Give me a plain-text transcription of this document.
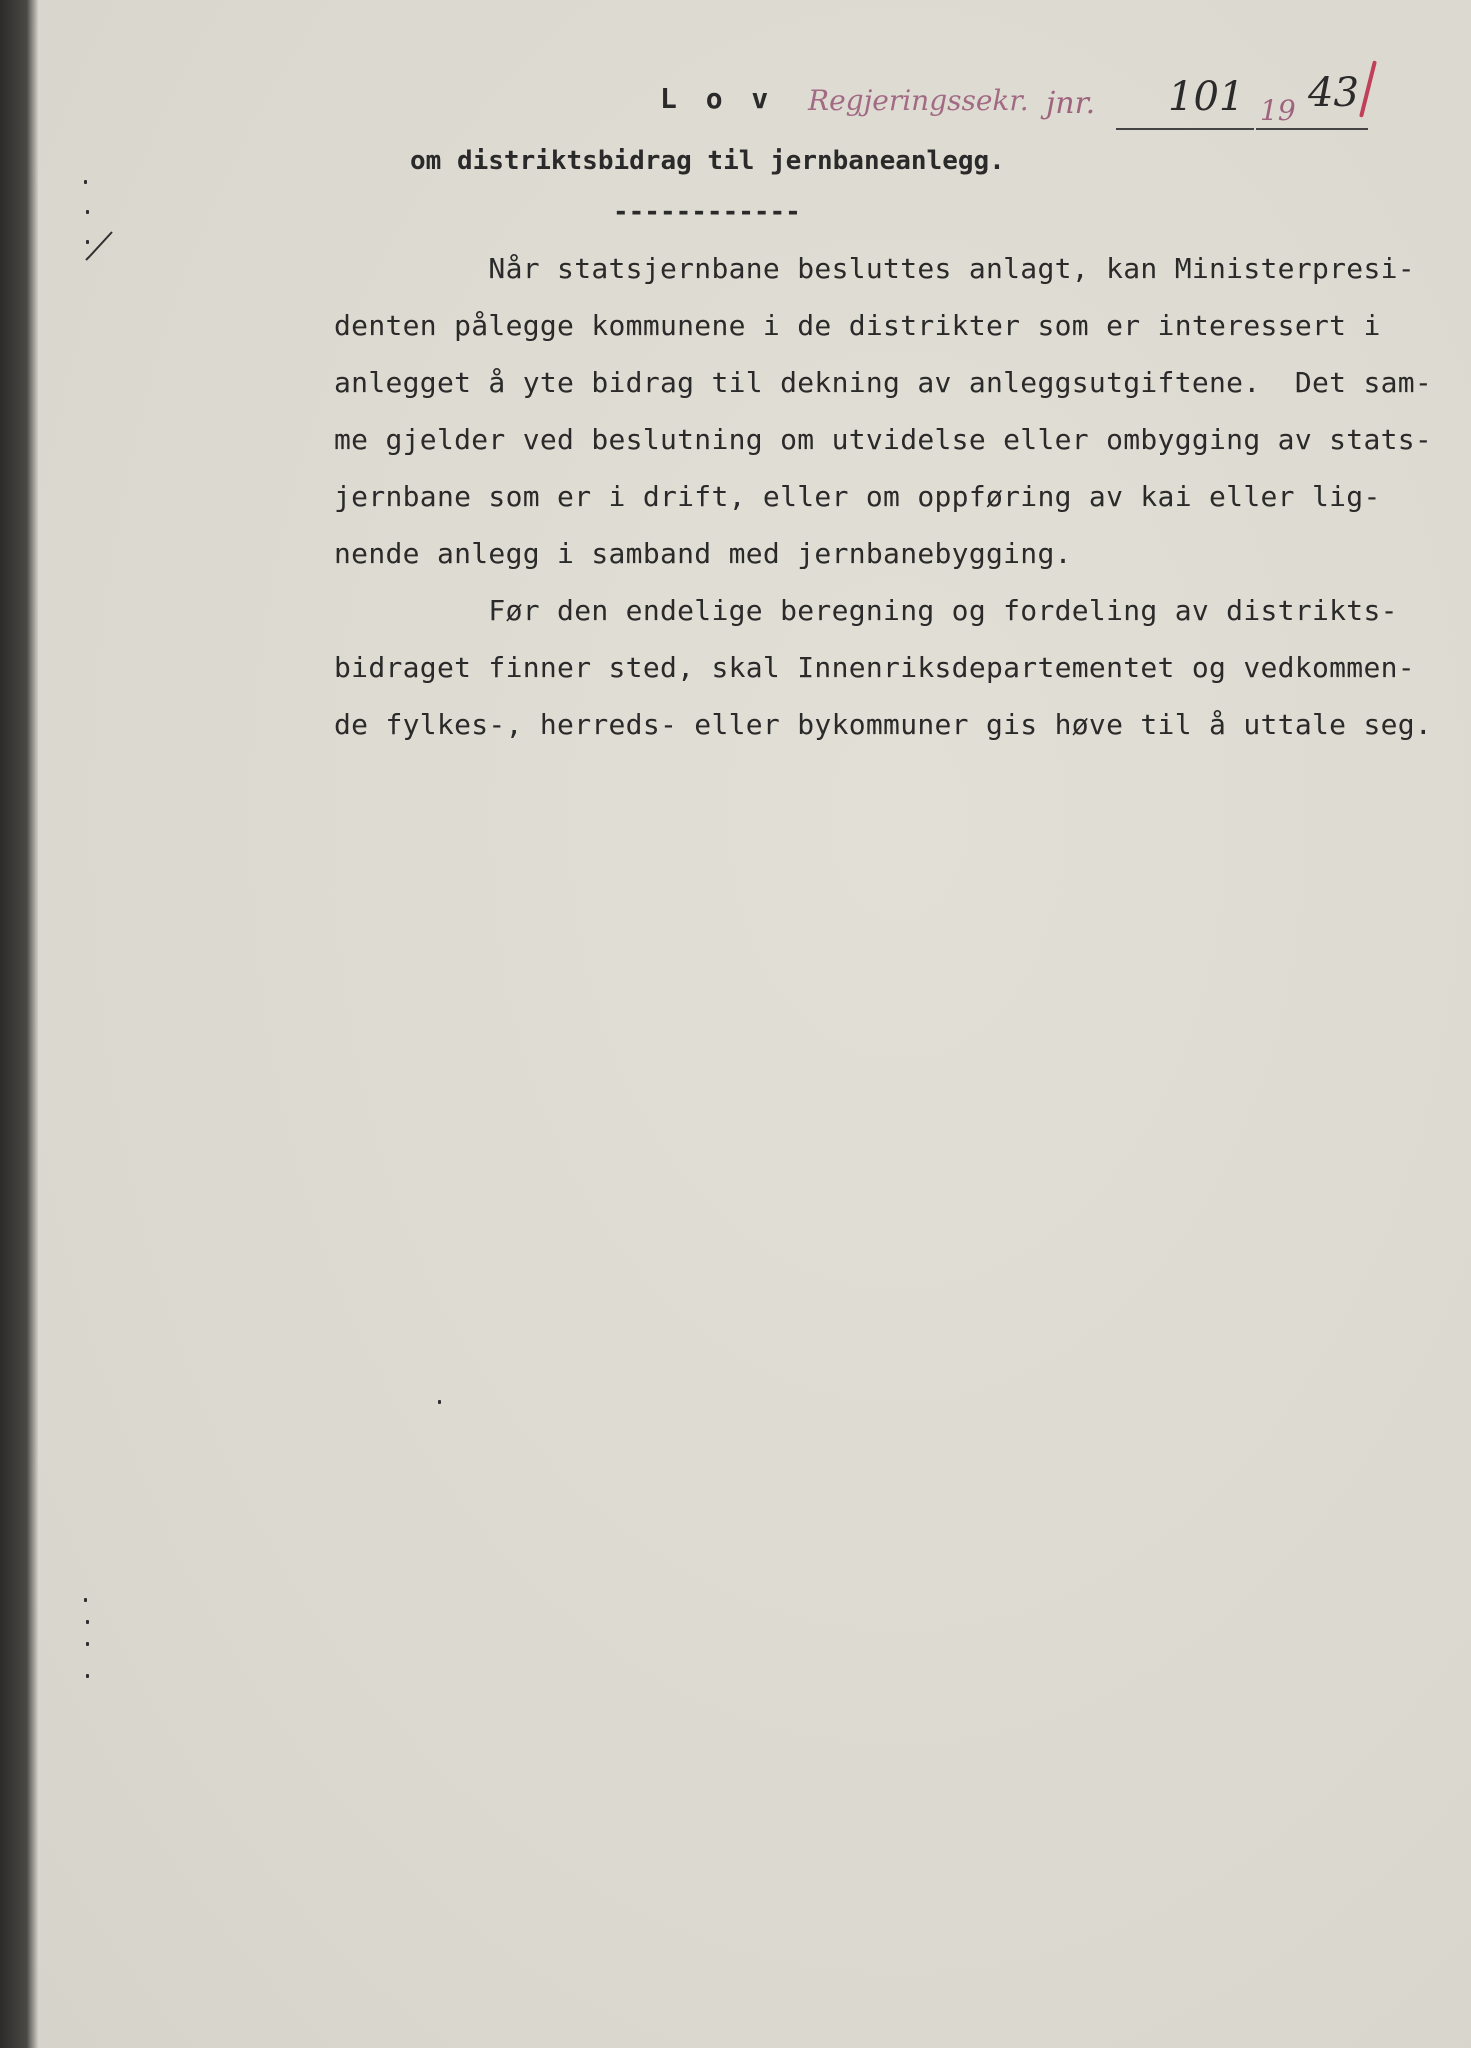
L o v Regjeringssekr. jnr. 101 19 43

om distriktsbidrag til jernbaneanlegg.

------------

Når statsjernbane besluttes anlagt, kan Ministerpresi-

denten pålegge kommunene i de distrikter som er interessert i

anlegget å yte bidrag til dekning av anleggsutgiftene.  Det sam-

me gjelder ved beslutning om utvidelse eller ombygging av stats-

jernbane som er i drift, eller om oppføring av kai eller lig-

nende anlegg i samband med jernbanebygging.

Før den endelige beregning og fordeling av distrikts-

bidraget finner sted, skal Innenriksdepartementet og vedkommen-

de fylkes-, herreds- eller bykommuner gis høve til å uttale seg.
